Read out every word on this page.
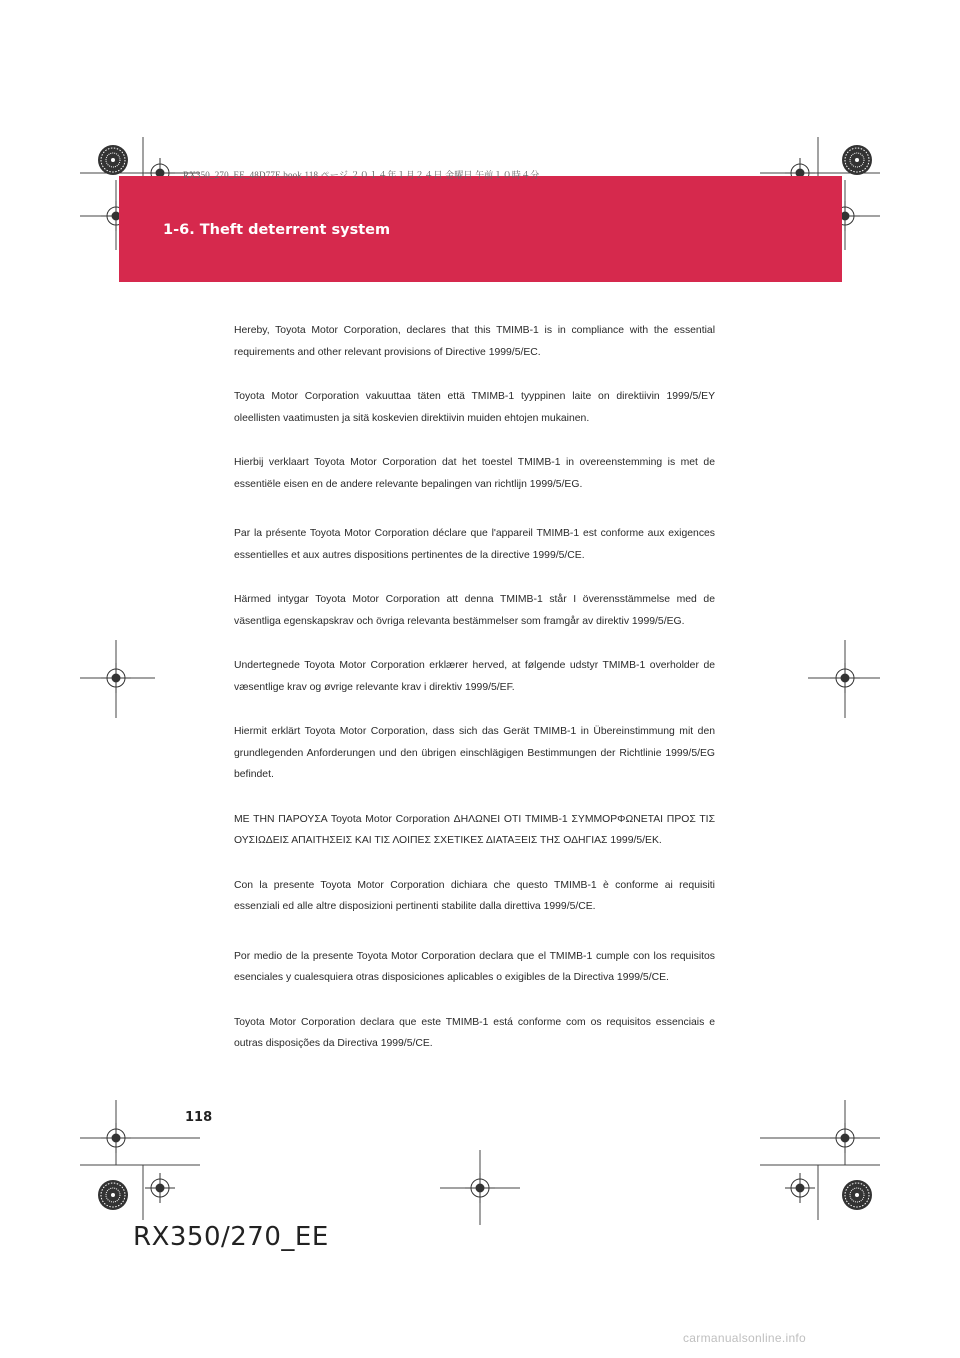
RX350_270_EE_48D77E.book 118 ページ ２０１４年１月２４日 金曜日 午前１０時４分
1-6. Theft deterrent system

Hereby, Toyota Motor Corporation, declares that this TMIMB-1 is in compliance with the essential requirements and other relevant provisions of Directive 1999/5/EC.

Toyota Motor Corporation vakuuttaa täten että TMIMB-1 tyyppinen laite on direktiivin 1999/5/EY oleellisten vaatimusten ja sitä koskevien direktiivin muiden ehtojen mukainen.

Hierbij verklaart Toyota Motor Corporation dat het toestel TMIMB-1 in overeenstemming is met de essentiële eisen en de andere relevante bepalingen van richtlijn 1999/5/EG.

Par la présente Toyota Motor Corporation déclare que l'appareil TMIMB-1 est conforme aux exigences essentielles et aux autres dispositions pertinentes de la directive 1999/5/CE.

Härmed intygar Toyota Motor Corporation att denna TMIMB-1 står I överensstämmelse med de väsentliga egenskapskrav och övriga relevanta bestämmelser som framgår av direktiv 1999/5/EG.

Undertegnede Toyota Motor Corporation erklærer herved, at følgende udstyr TMIMB-1 overholder de væsentlige krav og øvrige relevante krav i direktiv 1999/5/EF.

Hiermit erklärt Toyota Motor Corporation, dass sich das Gerät TMIMB-1 in Übereinstimmung mit den grundlegenden Anforderungen und den übrigen einschlägigen Bestimmungen der Richtlinie 1999/5/EG befindet.

ΜΕ ΤΗΝ ΠΑΡΟΥΣΑ Toyota Motor Corporation ΔΗΛΩΝΕΙ ΟΤΙ TMIMB-1 ΣΥΜΜΟΡΦΩΝΕΤΑΙ ΠΡΟΣ ΤΙΣ ΟΥΣΙΩΔΕΙΣ ΑΠΑΙΤΗΣΕΙΣ ΚΑΙ ΤΙΣ ΛΟΙΠΕΣ ΣΧΕΤΙΚΕΣ ΔΙΑΤΑΞΕΙΣ ΤΗΣ ΟΔΗΓΙΑΣ 1999/5/ΕΚ.

Con la presente Toyota Motor Corporation dichiara che questo TMIMB-1 è conforme ai requisiti essenziali ed alle altre disposizioni pertinenti stabilite dalla direttiva 1999/5/CE.

Por medio de la presente Toyota Motor Corporation declara que el TMIMB-1 cumple con los requisitos esenciales y cualesquiera otras disposiciones aplicables o exigibles de la Directiva 1999/5/CE.

Toyota Motor Corporation declara que este TMIMB-1 está conforme com os requisitos essenciais e outras disposições da Directiva 1999/5/CE.

118
RX350/270_EE
carmanualsonline.info
